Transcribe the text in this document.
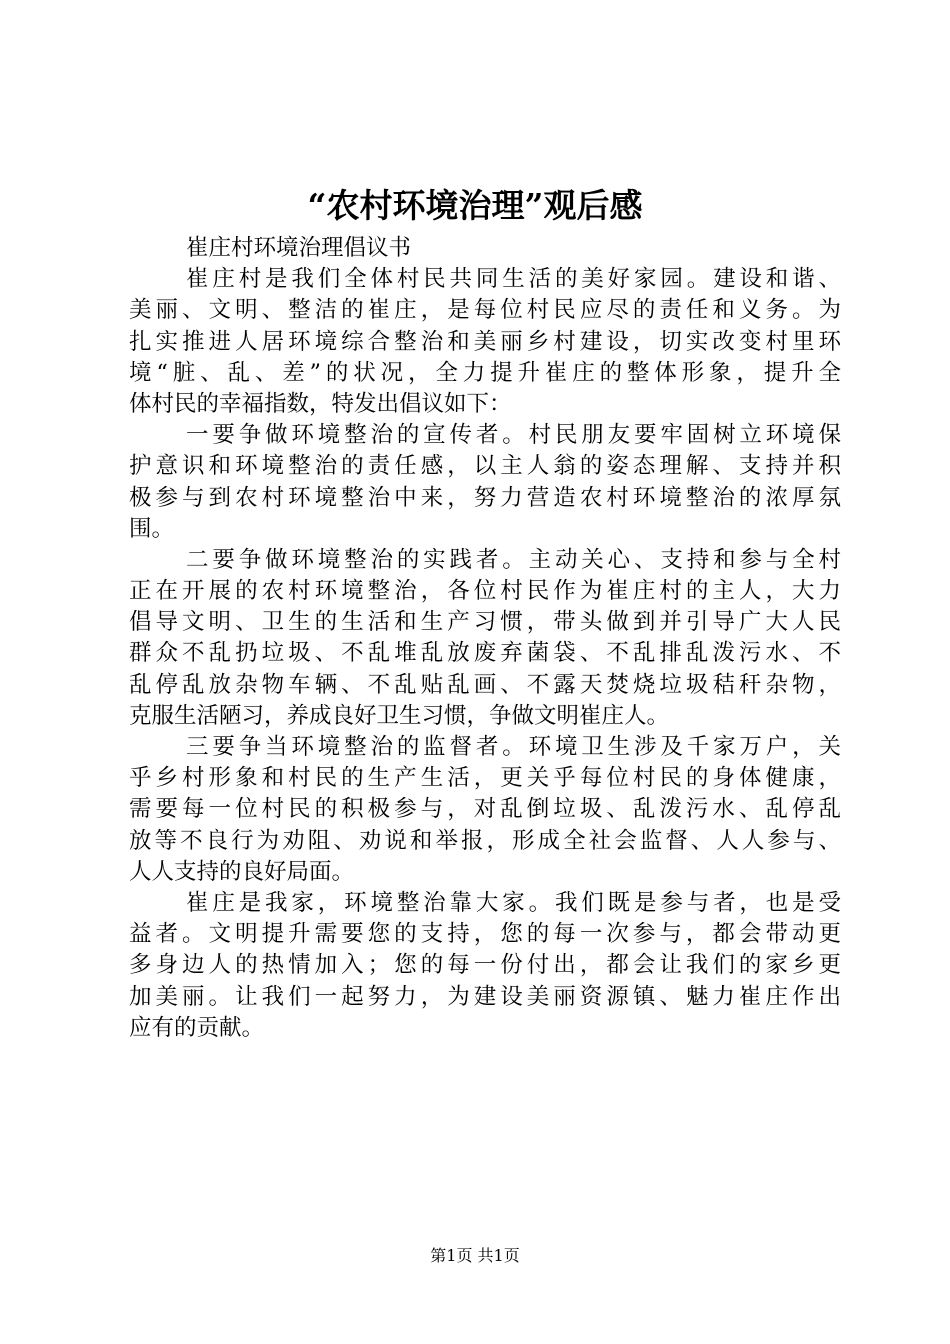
“农村环境治理”观后感
崔庄村环境治理倡议书
崔庄村是我们全体村民共同生活的美好家园。建设和谐、
美丽、文明、整洁的崔庄，是每位村民应尽的责任和义务。为
扎实推进人居环境综合整治和美丽乡村建设，切实改变村里环
境“脏、乱、差”的状况，全力提升崔庄的整体形象，提升全
体村民的幸福指数，特发出倡议如下：
一要争做环境整治的宣传者。村民朋友要牢固树立环境保
护意识和环境整治的责任感，以主人翁的姿态理解、支持并积
极参与到农村环境整治中来，努力营造农村环境整治的浓厚氛
围。
二要争做环境整治的实践者。主动关心、支持和参与全村
正在开展的农村环境整治，各位村民作为崔庄村的主人，大力
倡导文明、卫生的生活和生产习惯，带头做到并引导广大人民
群众不乱扔垃圾、不乱堆乱放废弃菌袋、不乱排乱泼污水、不
乱停乱放杂物车辆、不乱贴乱画、不露天焚烧垃圾秸秆杂物，
克服生活陋习，养成良好卫生习惯，争做文明崔庄人。
三要争当环境整治的监督者。环境卫生涉及千家万户，关
乎乡村形象和村民的生产生活，更关乎每位村民的身体健康，
需要每一位村民的积极参与，对乱倒垃圾、乱泼污水、乱停乱
放等不良行为劝阻、劝说和举报，形成全社会监督、人人参与、
人人支持的良好局面。
崔庄是我家，环境整治靠大家。我们既是参与者，也是受
益者。文明提升需要您的支持，您的每一次参与，都会带动更
多身边人的热情加入；您的每一份付出，都会让我们的家乡更
加美丽。让我们一起努力，为建设美丽资源镇、魅力崔庄作出
应有的贡献。
第1页 共1页
